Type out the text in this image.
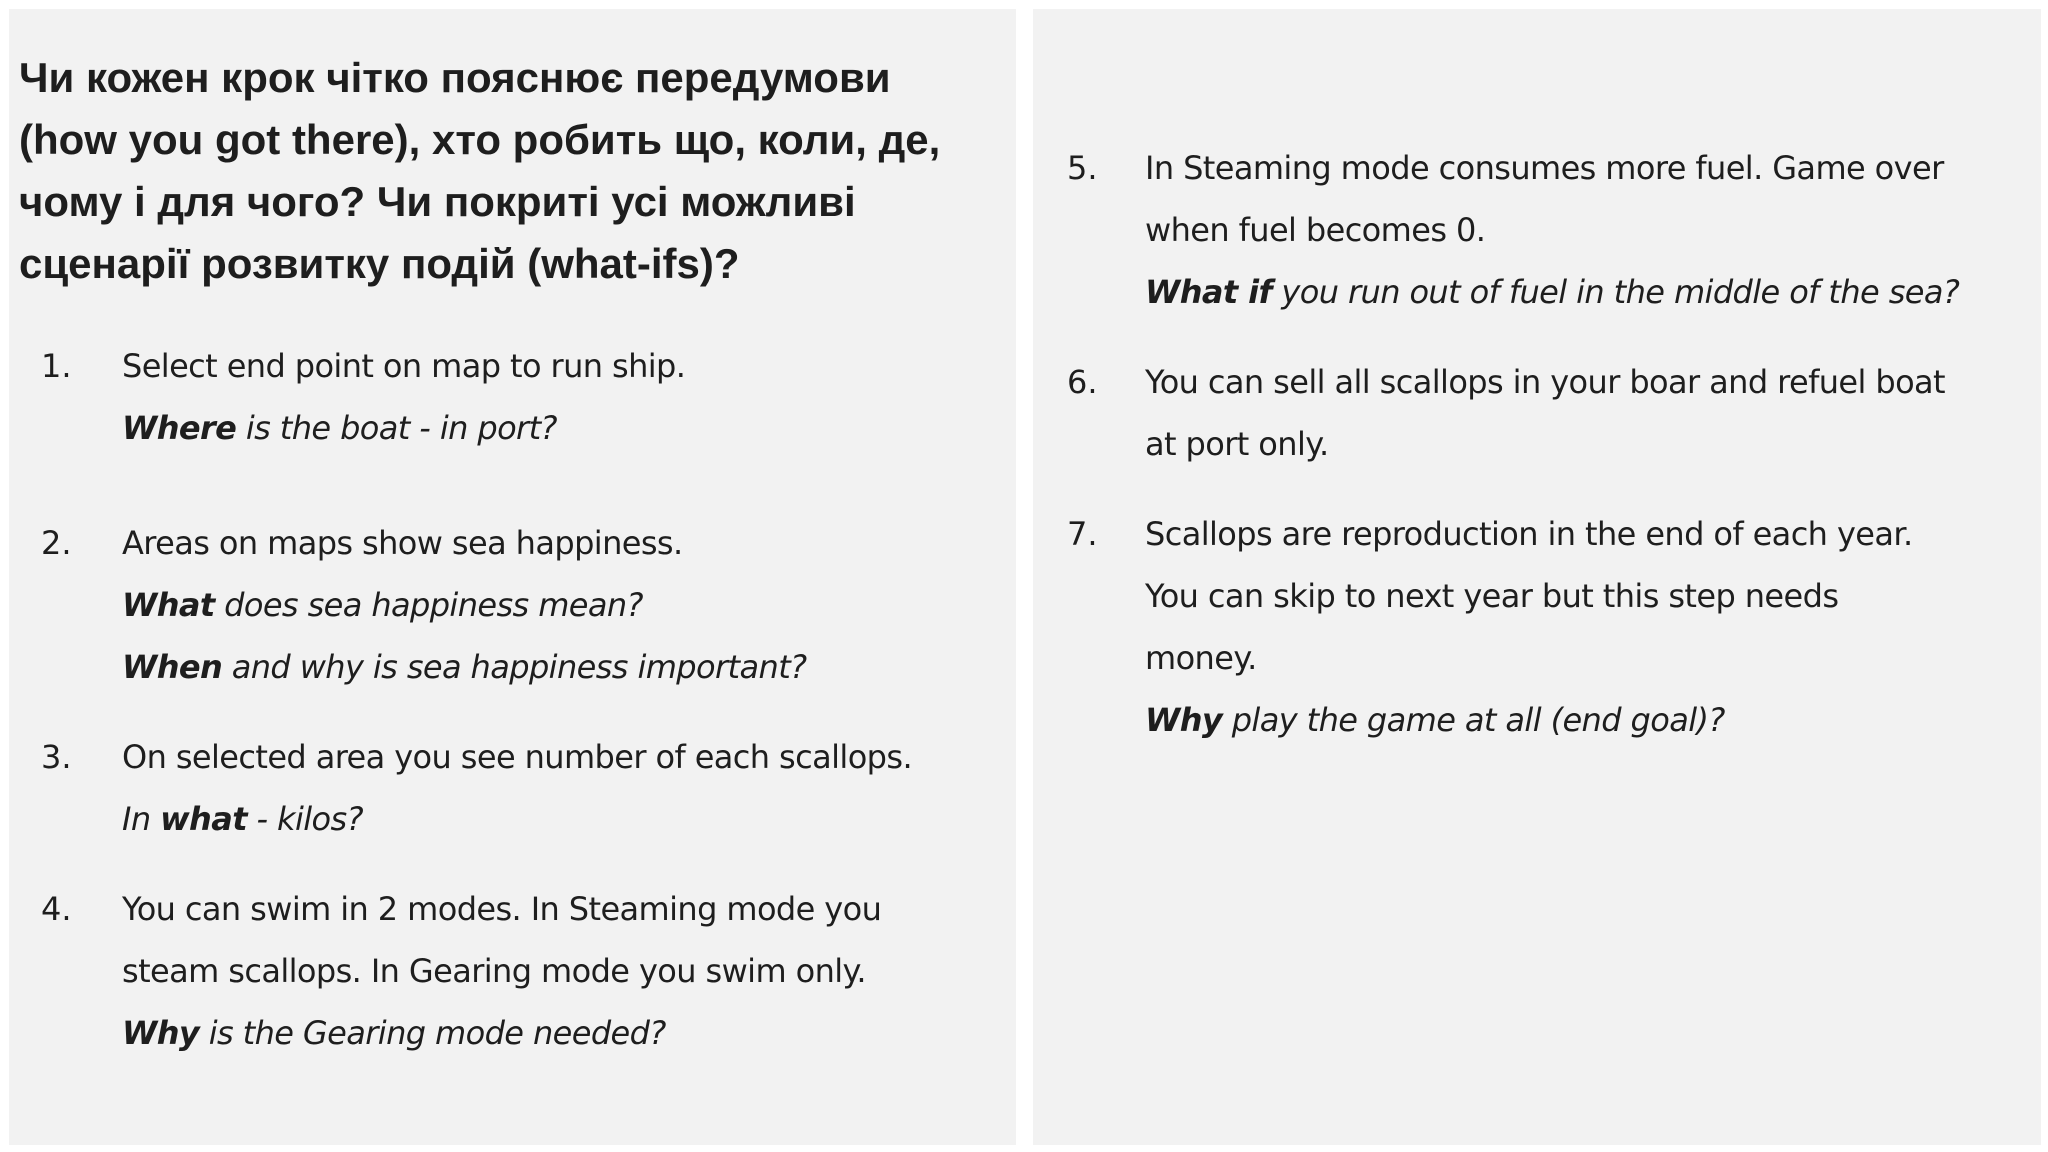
Чи кожен крок чітко пояснює передумови
(how you got there), хто робить що, коли, де,
чому і для чого? Чи покриті усі можливі
сценарії розвитку подій (what-ifs)?
1. Select end point on map to run ship.
Where is the boat - in port?
2. Areas on maps show sea happiness.
What does sea happiness mean?
When and why is sea happiness important?
3. On selected area you see number of each scallops.
In what - kilos?
4. You can swim in 2 modes. In Steaming mode you
steam scallops. In Gearing mode you swim only.
Why is the Gearing mode needed?
5. In Steaming mode consumes more fuel. Game over
when fuel becomes 0.
What if you run out of fuel in the middle of the sea?
6. You can sell all scallops in your boar and refuel boat
at port only.
7. Scallops are reproduction in the end of each year.
You can skip to next year but this step needs
money.
Why play the game at all (end goal)?
